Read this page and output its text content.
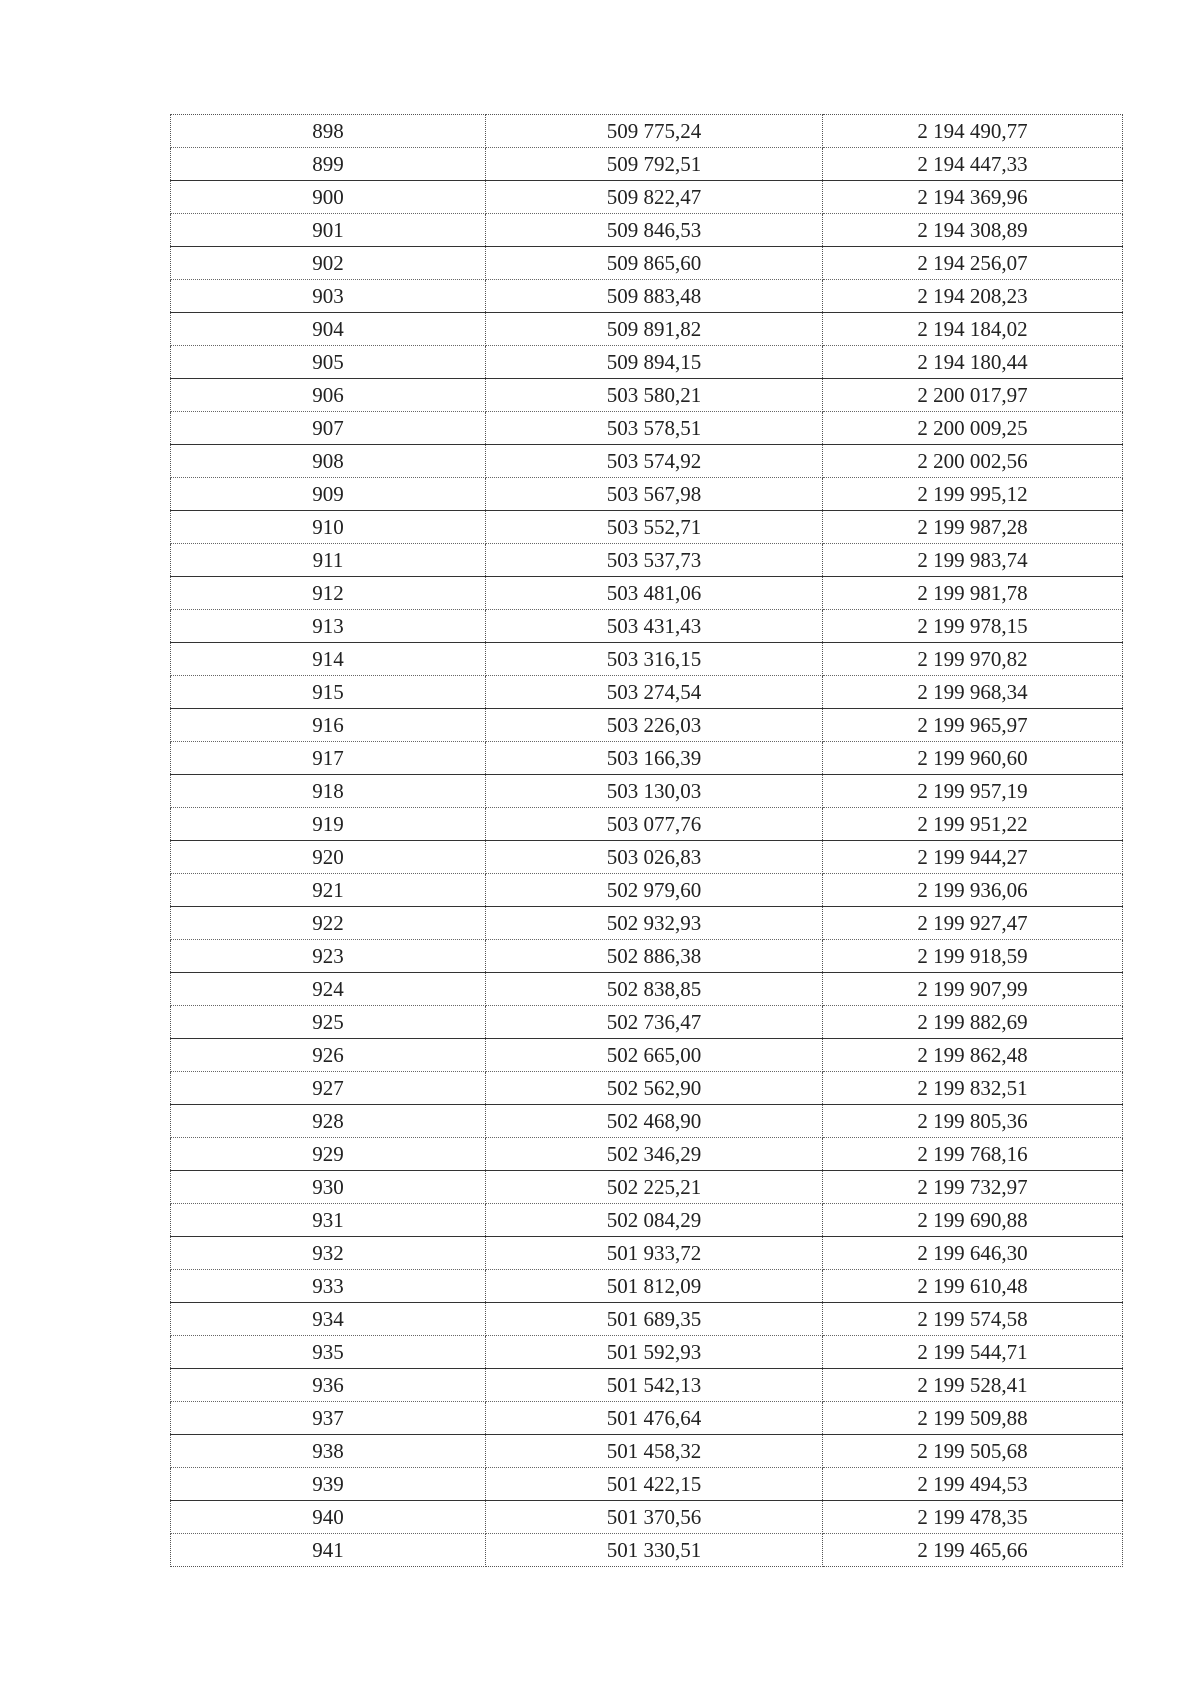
898	509 775,24	2 194 490,77
899	509 792,51	2 194 447,33
900	509 822,47	2 194 369,96
901	509 846,53	2 194 308,89
902	509 865,60	2 194 256,07
903	509 883,48	2 194 208,23
904	509 891,82	2 194 184,02
905	509 894,15	2 194 180,44
906	503 580,21	2 200 017,97
907	503 578,51	2 200 009,25
908	503 574,92	2 200 002,56
909	503 567,98	2 199 995,12
910	503 552,71	2 199 987,28
911	503 537,73	2 199 983,74
912	503 481,06	2 199 981,78
913	503 431,43	2 199 978,15
914	503 316,15	2 199 970,82
915	503 274,54	2 199 968,34
916	503 226,03	2 199 965,97
917	503 166,39	2 199 960,60
918	503 130,03	2 199 957,19
919	503 077,76	2 199 951,22
920	503 026,83	2 199 944,27
921	502 979,60	2 199 936,06
922	502 932,93	2 199 927,47
923	502 886,38	2 199 918,59
924	502 838,85	2 199 907,99
925	502 736,47	2 199 882,69
926	502 665,00	2 199 862,48
927	502 562,90	2 199 832,51
928	502 468,90	2 199 805,36
929	502 346,29	2 199 768,16
930	502 225,21	2 199 732,97
931	502 084,29	2 199 690,88
932	501 933,72	2 199 646,30
933	501 812,09	2 199 610,48
934	501 689,35	2 199 574,58
935	501 592,93	2 199 544,71
936	501 542,13	2 199 528,41
937	501 476,64	2 199 509,88
938	501 458,32	2 199 505,68
939	501 422,15	2 199 494,53
940	501 370,56	2 199 478,35
941	501 330,51	2 199 465,66
